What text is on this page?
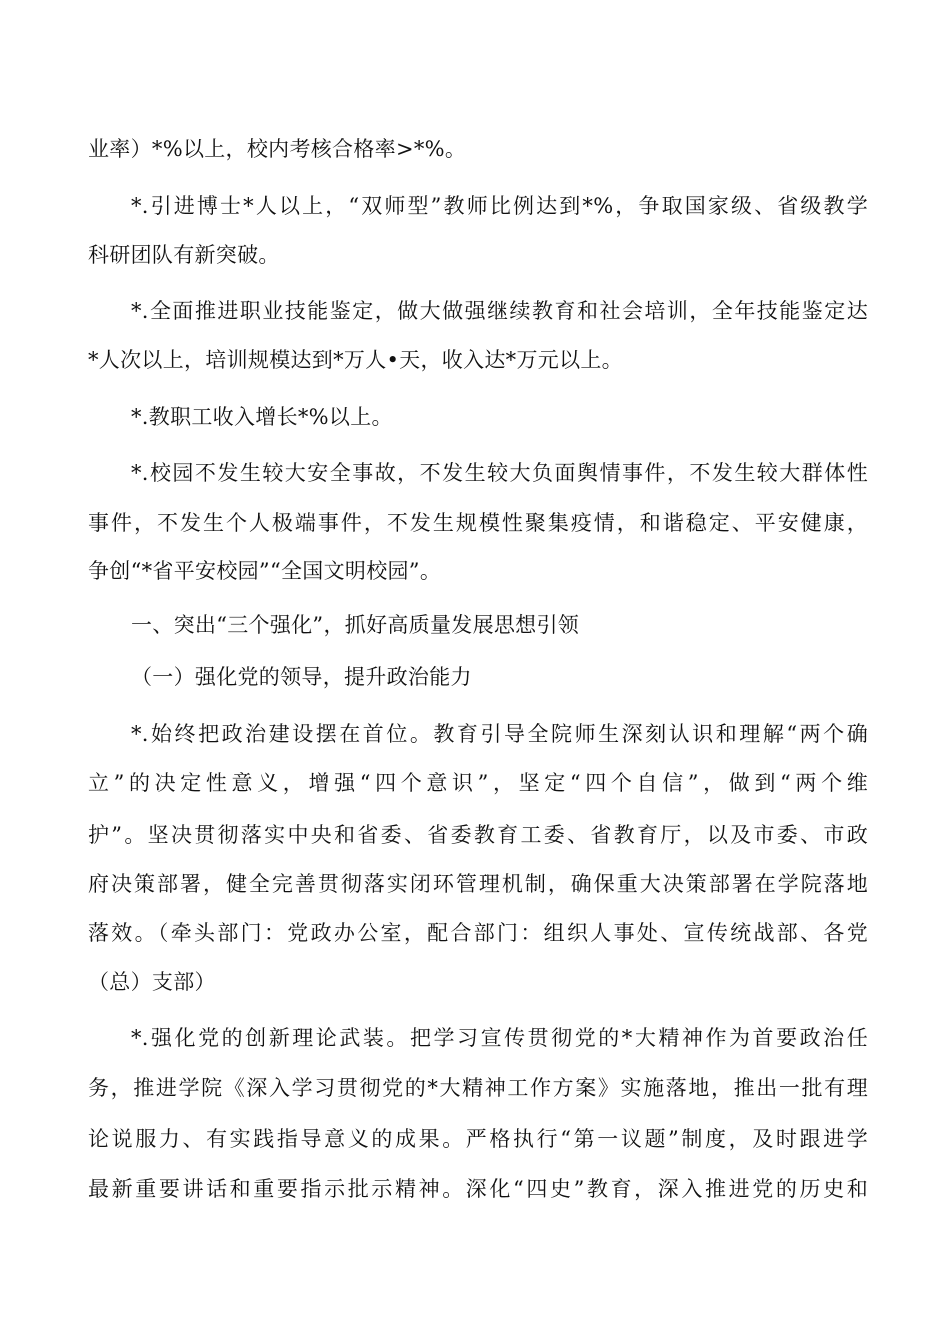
业率）*%以上，校内考核合格率>*%。
*.引进博士*人以上，“双师型”教师比例达到*%，争取国家级、省级教学
科研团队有新突破。
*.全面推进职业技能鉴定，做大做强继续教育和社会培训，全年技能鉴定达
*人次以上，培训规模达到*万人•天，收入达*万元以上。
*.教职工收入增长*%以上。
*.校园不发生较大安全事故，不发生较大负面舆情事件，不发生较大群体性
事件，不发生个人极端事件，不发生规模性聚集疫情，和谐稳定、平安健康，
争创“*省平安校园”“全国文明校园”。
一、突出“三个强化”，抓好高质量发展思想引领
（一）强化党的领导，提升政治能力
*.始终把政治建设摆在首位。教育引导全院师生深刻认识和理解“两个确
立”的决定性意义，增强“四个意识”，坚定“四个自信”，做到“两个维
护”。坚决贯彻落实中央和省委、省委教育工委、省教育厅，以及市委、市政
府决策部署，健全完善贯彻落实闭环管理机制，确保重大决策部署在学院落地
落效。（牵头部门：党政办公室，配合部门：组织人事处、宣传统战部、各党
（总）支部）
*.强化党的创新理论武装。把学习宣传贯彻党的*大精神作为首要政治任
务，推进学院《深入学习贯彻党的*大精神工作方案》实施落地，推出一批有理
论说服力、有实践指导意义的成果。严格执行“第一议题”制度，及时跟进学
最新重要讲话和重要指示批示精神。深化“四史”教育，深入推进党的历史和
